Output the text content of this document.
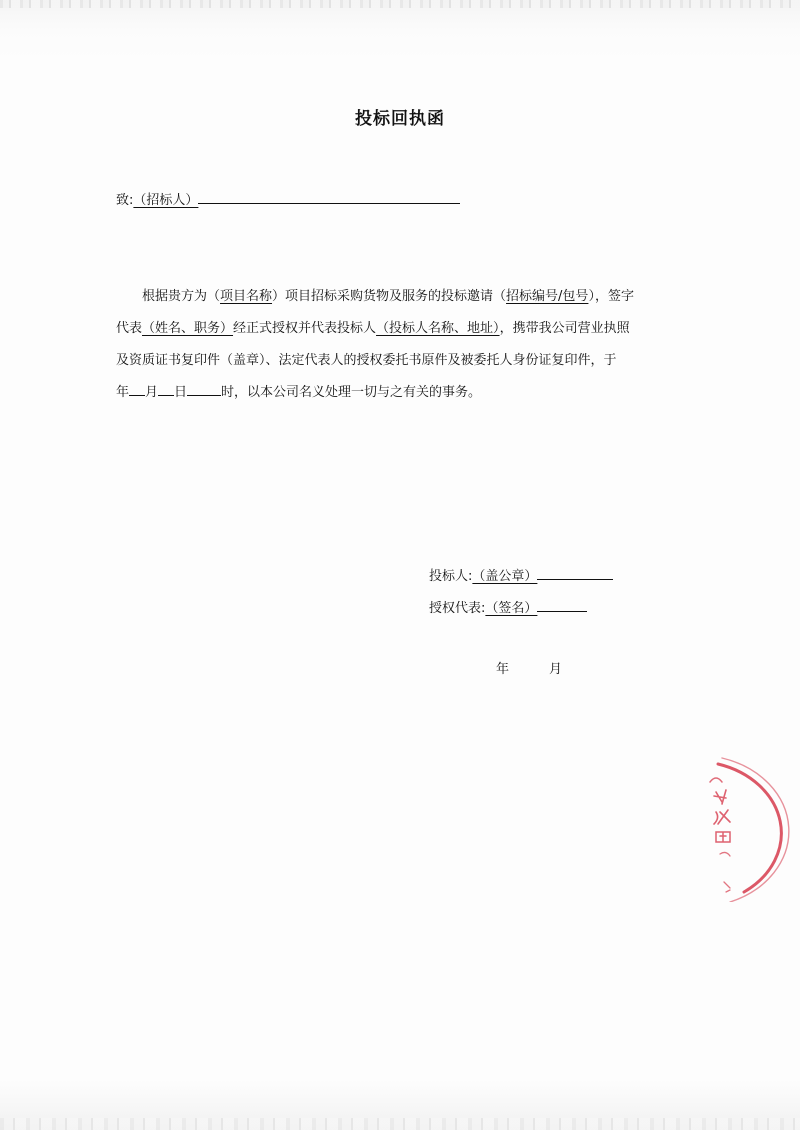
投标回执函
致:（招标人）
根据贵方为（项目名称）项目招标采购货物及服务的投标邀请（招标编号/包号），签字
代表（姓名、职务）经正式授权并代表投标人（投标人名称、地址），携带我公司营业执照
及资质证书复印件（盖章）、法定代表人的授权委托书原件及被委托人身份证复印件，于
年 月 日	时，以本公司名义处理一切与之有关的事务。
投标人:（盖公章）
授权代表:（签名）
年	月
